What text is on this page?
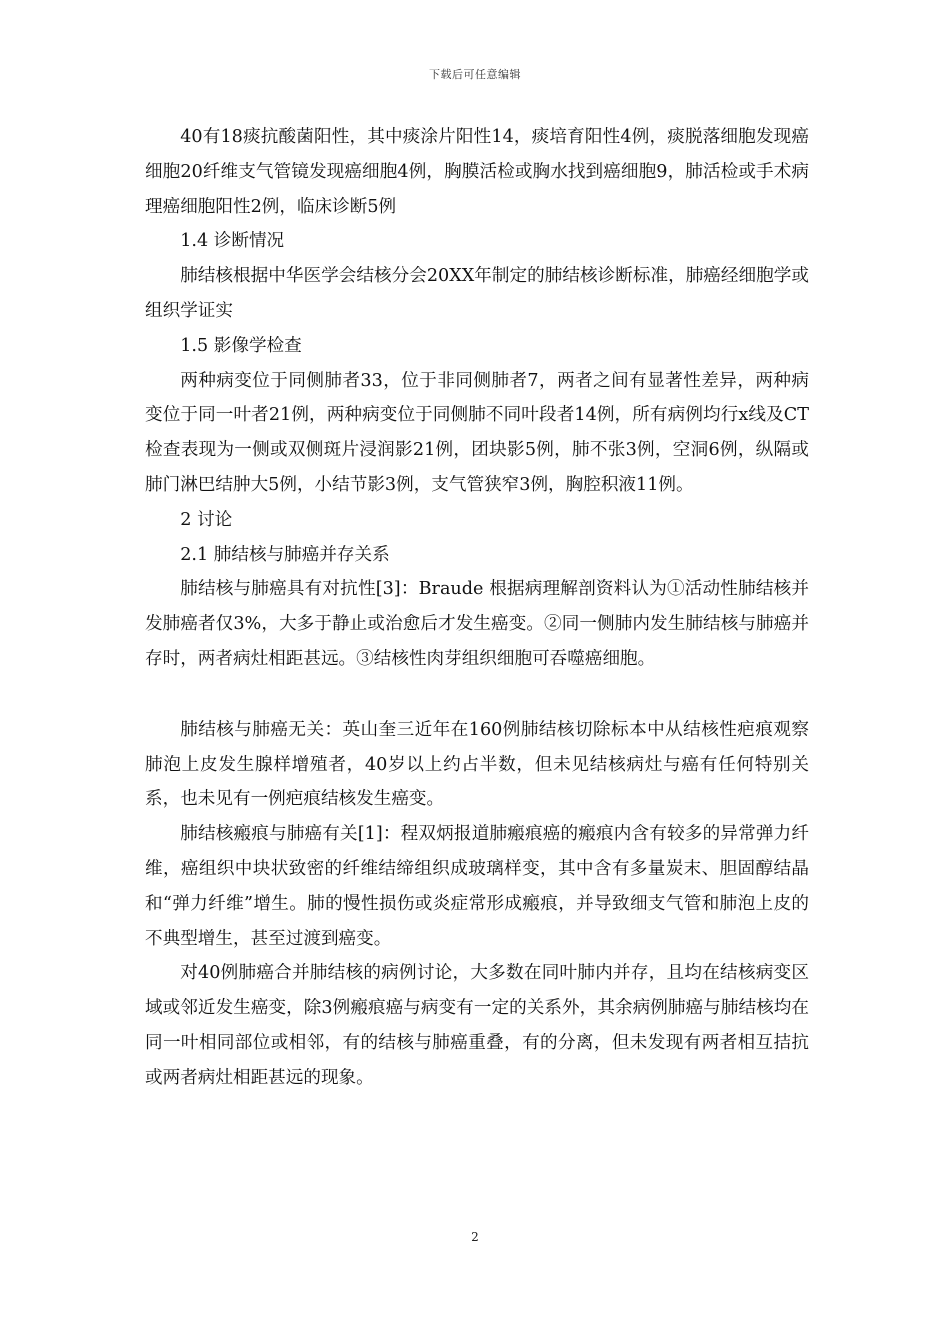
下载后可任意编辑

40有18痰抗酸菌阳性，其中痰涂片阳性14，痰培育阳性4例，痰脱落细胞发现癌细胞20纤维支气管镜发现癌细胞4例，胸膜活检或胸水找到癌细胞9，肺活检或手术病理癌细胞阳性2例，临床诊断5例

1.4 诊断情况

肺结核根据中华医学会结核分会20XX年制定的肺结核诊断标准，肺癌经细胞学或组织学证实

1.5 影像学检查

两种病变位于同侧肺者33，位于非同侧肺者7，两者之间有显著性差异，两种病变位于同一叶者21例，两种病变位于同侧肺不同叶段者14例，所有病例均行x线及CT检查表现为一侧或双侧斑片浸润影21例，团块影5例，肺不张3例，空洞6例，纵隔或肺门淋巴结肿大5例，小结节影3例，支气管狭窄3例，胸腔积液11例。

2 讨论

2.1 肺结核与肺癌并存关系

肺结核与肺癌具有对抗性[3]：Braude 根据病理解剖资料认为①活动性肺结核并发肺癌者仅3%，大多于静止或治愈后才发生癌变。②同一侧肺内发生肺结核与肺癌并存时，两者病灶相距甚远。③结核性肉芽组织细胞可吞噬癌细胞。

肺结核与肺癌无关：英山奎三近年在160例肺结核切除标本中从结核性疤痕观察肺泡上皮发生腺样增殖者，40岁以上约占半数，但未见结核病灶与癌有任何特别关系，也未见有一例疤痕结核发生癌变。

肺结核瘢痕与肺癌有关[1]：程双炳报道肺瘢痕癌的瘢痕内含有较多的异常弹力纤维，癌组织中块状致密的纤维结缔组织成玻璃样变，其中含有多量炭末、胆固醇结晶和“弹力纤维”增生。肺的慢性损伤或炎症常形成瘢痕，并导致细支气管和肺泡上皮的不典型增生，甚至过渡到癌变。

对40例肺癌合并肺结核的病例讨论，大多数在同叶肺内并存，且均在结核病变区域或邻近发生癌变，除3例瘢痕癌与病变有一定的关系外，其余病例肺癌与肺结核均在同一叶相同部位或相邻，有的结核与肺癌重叠，有的分离，但未发现有两者相互拮抗或两者病灶相距甚远的现象。

2
